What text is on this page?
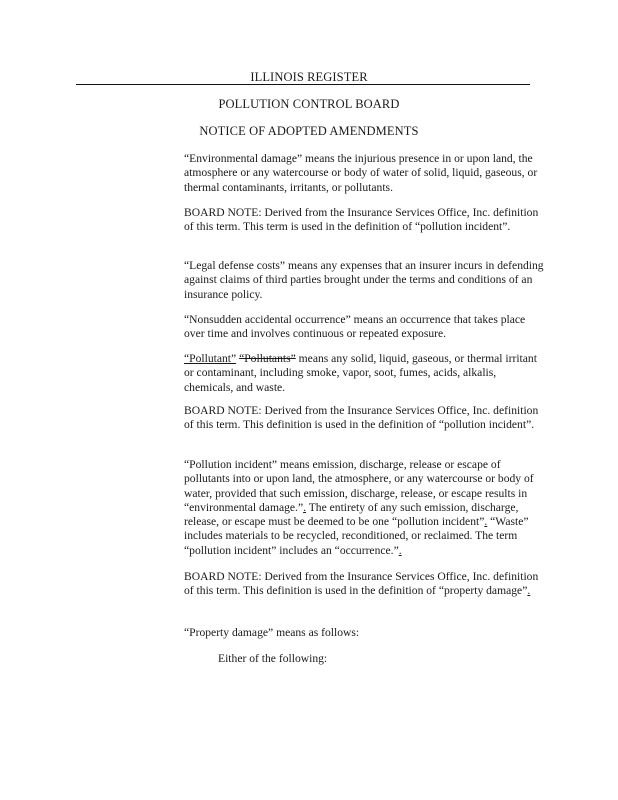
ILLINOIS REGISTER
POLLUTION CONTROL BOARD
NOTICE OF ADOPTED AMENDMENTS

“Environmental damage” means the injurious presence in or upon land, the atmosphere or any watercourse or body of water of solid, liquid, gaseous, or thermal contaminants, irritants, or pollutants.

BOARD NOTE: Derived from the Insurance Services Office, Inc. definition of this term. This term is used in the definition of “pollution incident”.

“Legal defense costs” means any expenses that an insurer incurs in defending against claims of third parties brought under the terms and conditions of an insurance policy.

“Nonsudden accidental occurrence” means an occurrence that takes place over time and involves continuous or repeated exposure.

“Pollutant” “Pollutants” means any solid, liquid, gaseous, or thermal irritant or contaminant, including smoke, vapor, soot, fumes, acids, alkalis, chemicals, and waste.

BOARD NOTE: Derived from the Insurance Services Office, Inc. definition of this term. This definition is used in the definition of “pollution incident”.

“Pollution incident” means emission, discharge, release or escape of pollutants into or upon land, the atmosphere, or any watercourse or body of water, provided that such emission, discharge, release, or escape results in “environmental damage.”. The entirety of any such emission, discharge, release, or escape must be deemed to be one “pollution incident”. “Waste” includes materials to be recycled, reconditioned, or reclaimed. The term “pollution incident” includes an “occurrence.”.

BOARD NOTE: Derived from the Insurance Services Office, Inc. definition of this term. This definition is used in the definition of “property damage”.

“Property damage” means as follows:

Either of the following:
